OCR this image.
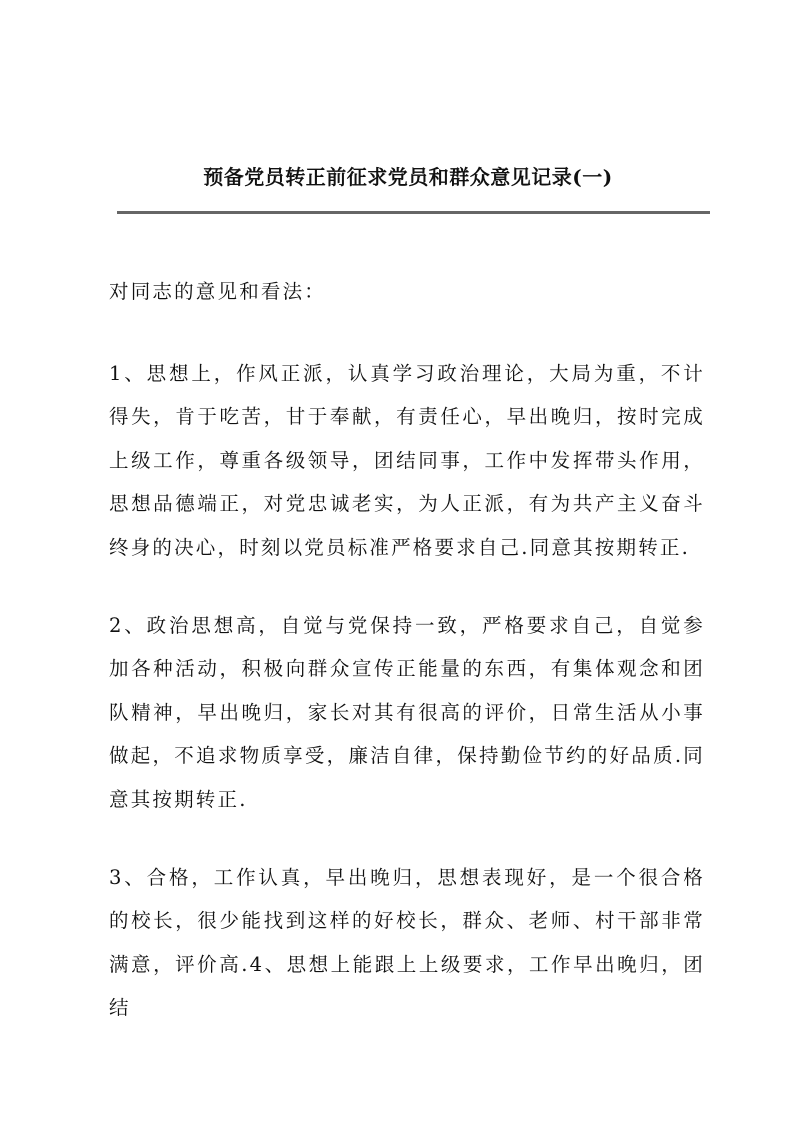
预备党员转正前征求党员和群众意见记录(一)

对同志的意见和看法：

1、思想上，作风正派，认真学习政治理论，大局为重，不计得失，肯于吃苦，甘于奉献，有责任心，早出晚归，按时完成上级工作，尊重各级领导，团结同事，工作中发挥带头作用，思想品德端正，对党忠诚老实，为人正派，有为共产主义奋斗终身的决心，时刻以党员标准严格要求自己.同意其按期转正.

2、政治思想高，自觉与党保持一致，严格要求自己，自觉参加各种活动，积极向群众宣传正能量的东西，有集体观念和团队精神，早出晚归，家长对其有很高的评价，日常生活从小事做起，不追求物质享受，廉洁自律，保持勤俭节约的好品质.同意其按期转正.

3、合格，工作认真，早出晚归，思想表现好，是一个很合格的校长，很少能找到这样的好校长，群众、老师、村干部非常满意，评价高.4、思想上能跟上上级要求，工作早出晚归，团结
